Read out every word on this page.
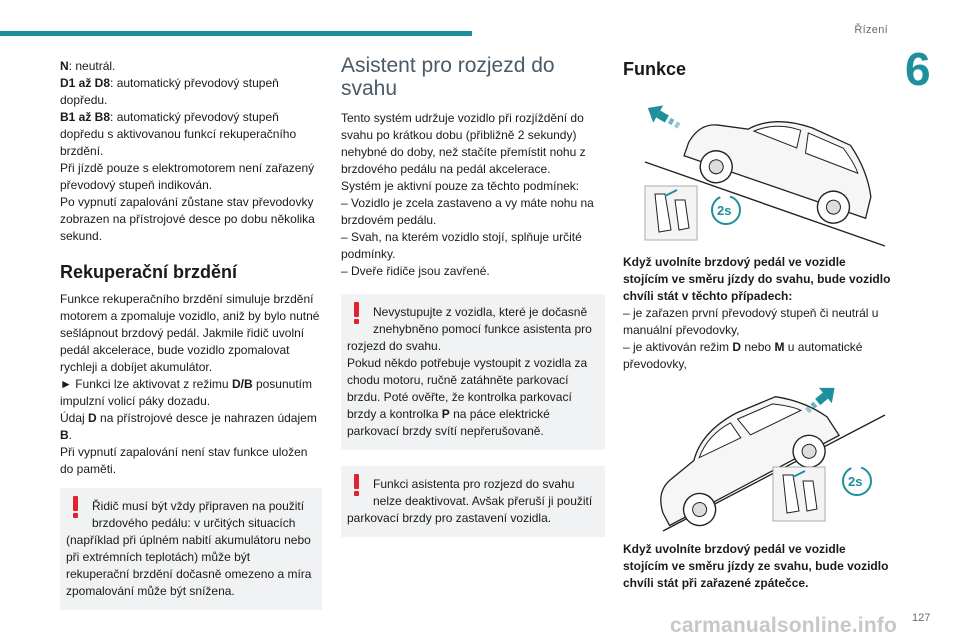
Řízení
6

N: neutrál.

D1 až D8: automatický převodový stupeň dopředu.

B1 až B8: automatický převodový stupeň dopředu s aktivovanou funkcí rekuperačního brzdění.

Při jízdě pouze s elektromotorem není zařazený převodový stupeň indikován.

Po vypnutí zapalování zůstane stav převodovky zobrazen na přístrojové desce po dobu několika sekund.

Rekuperační brzdění

Funkce rekuperačního brzdění simuluje brzdění motorem a zpomaluje vozidlo, aniž by bylo nutné sešlápnout brzdový pedál. Jakmile řidič uvolní pedál akcelerace, bude vozidlo zpomalovat rychleji a dobíjet akumulátor.

► Funkci lze aktivovat z režimu D/B posunutím impulzní volicí páky dozadu.

Údaj D na přístrojové desce je nahrazen údajem B.

Při vypnutí zapalování není stav funkce uložen do paměti.

Řidič musí být vždy připraven na použití brzdového pedálu: v určitých situacích

(například při úplném nabití akumulátoru nebo při extrémních teplotách) může být rekuperační brzdění dočasně omezeno a míra zpomalování může být snížena.

Asistent pro rozjezd do svahu

Tento systém udržuje vozidlo při rozjíždění do svahu po krátkou dobu (přibližně 2 sekundy) nehybné do doby, než stačíte přemístit nohu z brzdového pedálu na pedál akcelerace.

Systém je aktivní pouze za těchto podmínek:

– Vozidlo je zcela zastaveno a vy máte nohu na brzdovém pedálu.

– Svah, na kterém vozidlo stojí, splňuje určité podmínky.

– Dveře řidiče jsou zavřené.

Nevystupujte z vozidla, které je dočasně znehybněno pomocí funkce asistenta pro

rozjezd do svahu.

Pokud někdo potřebuje vystoupit z vozidla za chodu motoru, ručně zatáhněte parkovací brzdu. Poté ověřte, že kontrolka parkovací brzdy a kontrolka P na páce elektrické parkovací brzdy svítí nepřerušovaně.

Funkci asistenta pro rozjezd do svahu nelze deaktivovat. Avšak přeruší ji použití

parkovací brzdy pro zastavení vozidla.

Funkce
2s

Když uvolníte brzdový pedál ve vozidle stojícím ve směru jízdy do svahu, bude vozidlo chvíli stát v těchto případech:

– je zařazen první převodový stupeň či neutrál u manuální převodovky,

– je aktivován režim D nebo M u automatické převodovky,

2s

Když uvolníte brzdový pedál ve vozidle stojícím ve směru jízdy ze svahu, bude vozidlo chvíli stát při zařazené zpátečce.

carmanualsonline.info 127
